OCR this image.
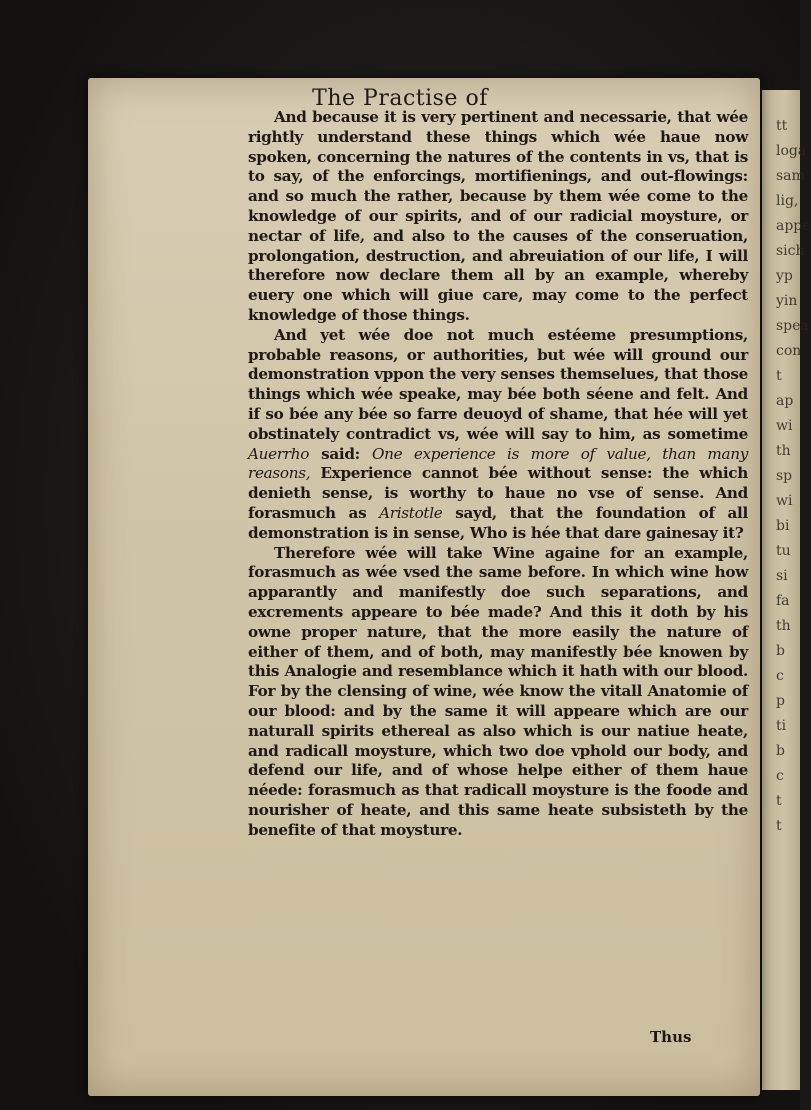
tt
loga
sam
lig,
appe
sich
yp
yin
spea
con
t
ap
wi
th
sp
wi
bi
tu
si
fa
th
b
c
p
ti
b
c
t
t
The Practise of

And because it is very pertinent and necessarie, that wée rightly understand these things which wée haue now spoken, concerning the natures of the contents in vs, that is to say, of the enforcings, mortifienings, and out-flowings: and so much the rather, because by them wée come to the knowledge of our spirits, and of our radicial moysture, or nectar of life, and also to the causes of the conseruation, prolongation, destruction, and abreuiation of our life, I will therefore now declare them all by an example, whereby euery one which will giue care, may come to the perfect knowledge of those things.

And yet wée doe not much estéeme presumptions, probable reasons, or authorities, but wée will ground our demonstration vppon the very senses themselues, that those things which wée speake, may bée both séene and felt. And if so bée any bée so farre deuoyd of shame, that hée will yet obstinately contradict vs, wée will say to him, as sometime Auerrho said: One experience is more of value, than many reasons, Experience cannot bée without sense: the which denieth sense, is worthy to haue no vse of sense. And forasmuch as Aristotle sayd, that the foundation of all demonstration is in sense, Who is hée that dare gainesay it?

Therefore wée will take Wine againe for an example, forasmuch as wée vsed the same before. In which wine how apparantly and manifestly doe such separations, and excrements appeare to bée made? And this it doth by his owne proper nature, that the more easily the nature of either of them, and of both, may manifestly bée knowen by this Analogie and resemblance which it hath with our blood. For by the clensing of wine, wée know the vitall Anatomie of our blood: and by the same it will appeare which are our naturall spirits ethereal as also which is our natiue heate, and radicall moysture, which two doe vphold our body, and defend our life, and of whose helpe either of them haue néede: forasmuch as that radicall moysture is the foode and nourisher of heate, and this same heate subsisteth by the benefite of that moysture.

Thus
